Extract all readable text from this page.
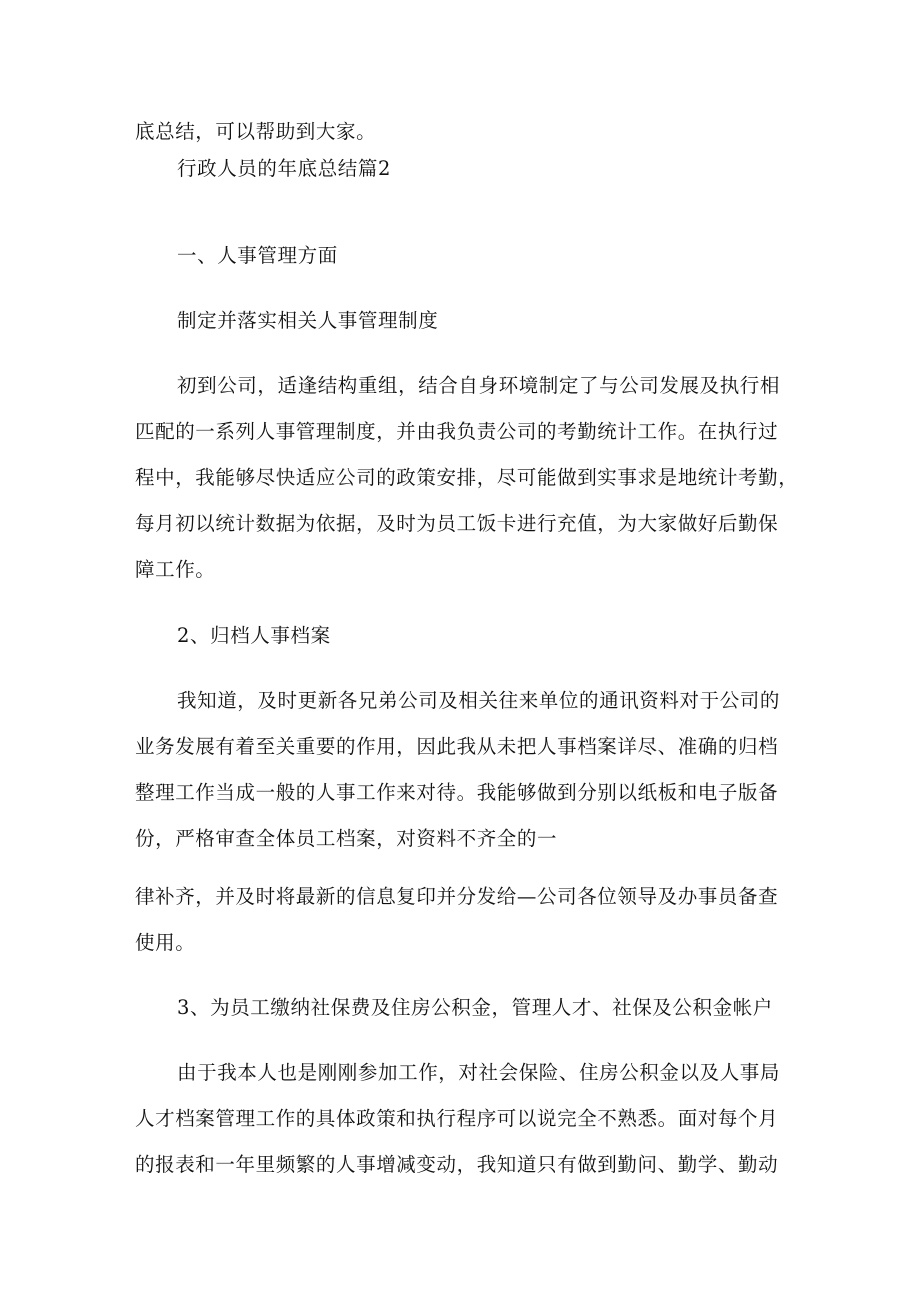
底总结，可以帮助到大家。
行政人员的年底总结篇2
一、人事管理方面
制定并落实相关人事管理制度
初到公司，适逢结构重组，结合自身环境制定了与公司发展及执行相
匹配的一系列人事管理制度，并由我负责公司的考勤统计工作。在执行过
程中，我能够尽快适应公司的政策安排，尽可能做到实事求是地统计考勤，
每月初以统计数据为依据，及时为员工饭卡进行充值，为大家做好后勤保
障工作。
2、归档人事档案
我知道，及时更新各兄弟公司及相关往来单位的通讯资料对于公司的
业务发展有着至关重要的作用，因此我从未把人事档案详尽、准确的归档
整理工作当成一般的人事工作来对待。我能够做到分别以纸板和电子版备
份，严格审查全体员工档案，对资料不齐全的一
律补齐，并及时将最新的信息复印并分发给—公司各位领导及办事员备查
使用。
3、为员工缴纳社保费及住房公积金，管理人才、社保及公积金帐户
由于我本人也是刚刚参加工作，对社会保险、住房公积金以及人事局
人才档案管理工作的具体政策和执行程序可以说完全不熟悉。面对每个月
的报表和一年里频繁的人事增减变动，我知道只有做到勤问、勤学、勤动
